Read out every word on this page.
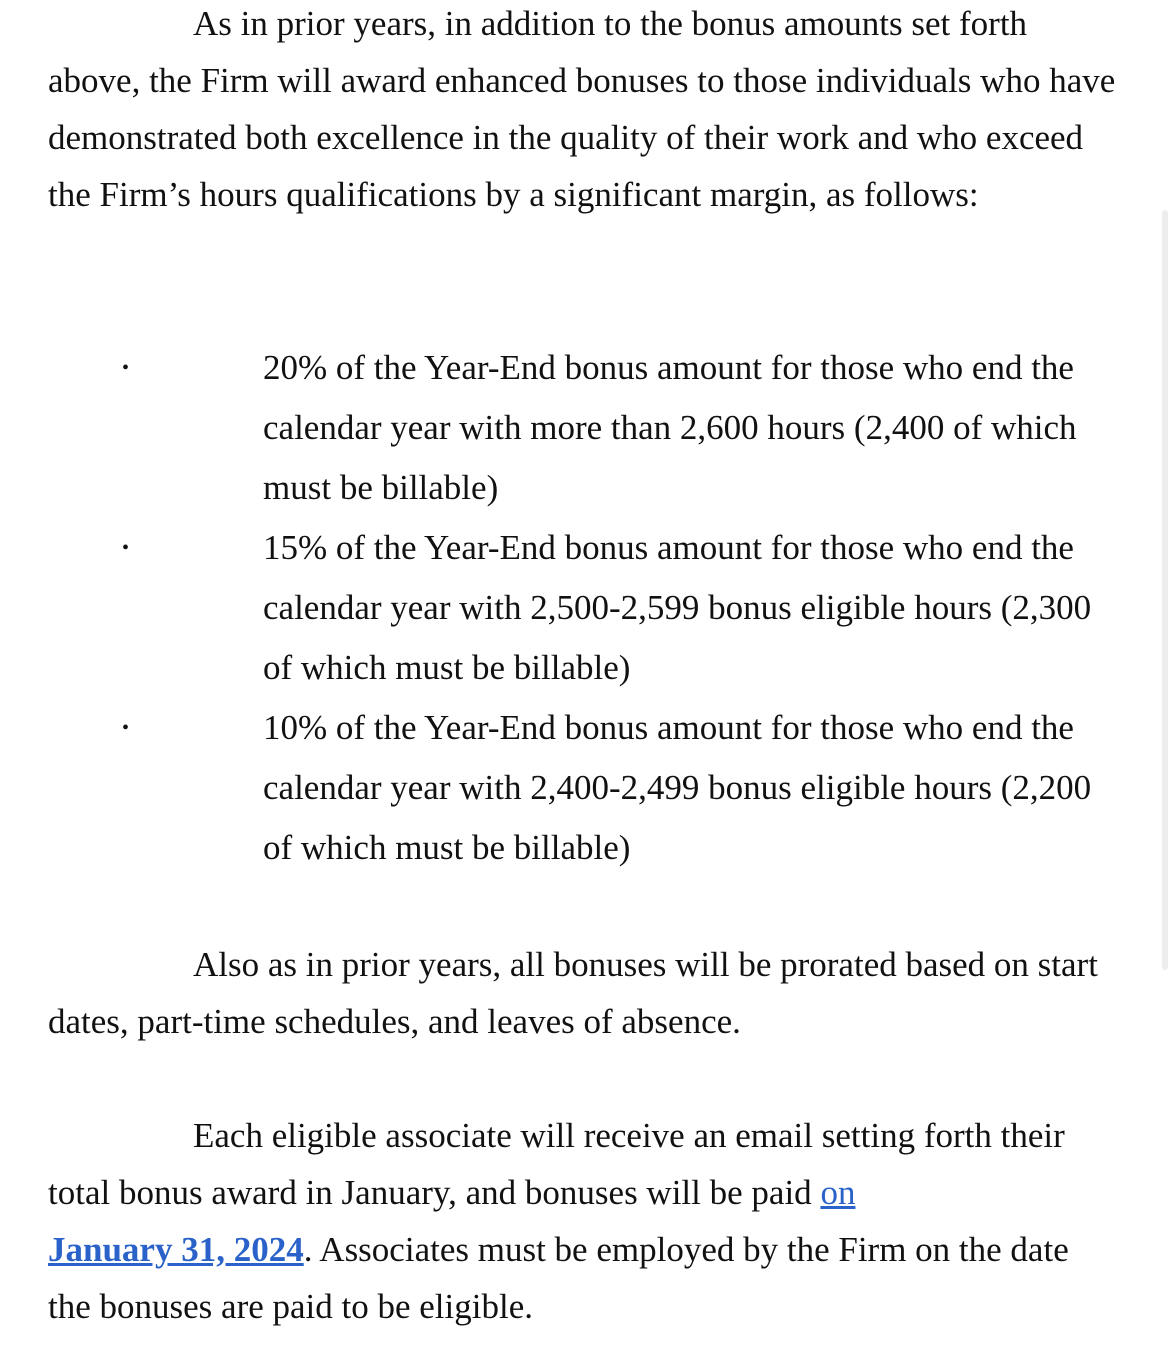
As in prior years, in addition to the bonus amounts set forth above, the Firm will award enhanced bonuses to those individuals who have demonstrated both excellence in the quality of their work and who exceed the Firm’s hours qualifications by a significant margin, as follows:

•	20% of the Year-End bonus amount for those who end the calendar year with more than 2,600 hours (2,400 of which must be billable)
•	15% of the Year-End bonus amount for those who end the calendar year with 2,500-2,599 bonus eligible hours (2,300 of which must be billable)
•	10% of the Year-End bonus amount for those who end the calendar year with 2,400-2,499 bonus eligible hours (2,200 of which must be billable)

Also as in prior years, all bonuses will be prorated based on start dates, part-time schedules, and leaves of absence.

Each eligible associate will receive an email setting forth their total bonus award in January, and bonuses will be paid on
January 31, 2024. Associates must be employed by the Firm on the date the bonuses are paid to be eligible.
